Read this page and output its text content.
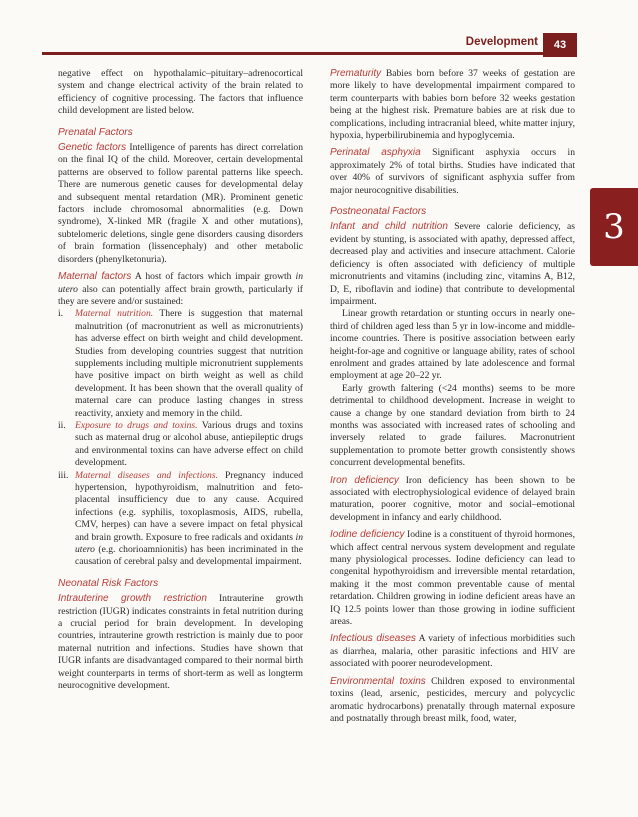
Development	43
3

negative effect on hypothalamic–pituitary–adrenocortical system and change electrical activity of the brain related to efficiency of cognitive processing. The factors that influence child development are listed below.

Prenatal Factors

Genetic factors Intelligence of parents has direct correlation on the final IQ of the child. Moreover, certain developmental patterns are observed to follow parental patterns like speech. There are numerous genetic causes for developmental delay and subsequent mental retardation (MR). Prominent genetic factors include chromosomal abnormalities (e.g. Down syndrome), X-linked MR (fragile X and other mutations), subtelomeric deletions, single gene disorders causing disorders of brain formation (lissencephaly) and other metabolic disorders (phenylketonuria).

Maternal factors A host of factors which impair growth in utero also can potentially affect brain growth, particularly if they are severe and/or sustained:

i.	Maternal nutrition. There is suggestion that maternal malnutrition (of macronutrient as well as micronutrients) has adverse effect on birth weight and child development. Studies from developing countries suggest that nutrition supplements including multiple micronutrient supplements have positive impact on birth weight as well as child development. It has been shown that the overall quality of maternal care can produce lasting changes in stress reactivity, anxiety and memory in the child.
ii. Exposure to drugs and toxins. Various drugs and toxins such as maternal drug or alcohol abuse, antiepileptic drugs and environmental toxins can have adverse effect on child development.
iii. Maternal diseases and infections. Pregnancy induced hypertension, hypothyroidism, malnutrition and feto-placental insufficiency due to any cause. Acquired infections (e.g. syphilis, toxoplasmosis, AIDS, rubella, CMV, herpes) can have a severe impact on fetal physical and brain growth. Exposure to free radicals and oxidants in utero (e.g. chorioamnionitis) has been incriminated in the causation of cerebral palsy and developmental impairment.
Neonatal Risk Factors

Intrauterine growth restriction Intrauterine growth restriction (IUGR) indicates constraints in fetal nutrition during a crucial period for brain development. In developing countries, intrauterine growth restriction is mainly due to poor maternal nutrition and infections. Studies have shown that IUGR infants are disadvantaged compared to their normal birth weight counterparts in terms of short-term as well as longterm neurocognitive development.

Prematurity Babies born before 37 weeks of gestation are more likely to have developmental impairment compared to term counterparts with babies born before 32 weeks gestation being at the highest risk. Premature babies are at risk due to complications, including intracranial bleed, white matter injury, hypoxia, hyperbilirubinemia and hypoglycemia.

Perinatal asphyxia Significant asphyxia occurs in approximately 2% of total births. Studies have indicated that over 40% of survivors of significant asphyxia suffer from major neurocognitive disabilities.

Postneonatal Factors

Infant and child nutrition Severe calorie deficiency, as evident by stunting, is associated with apathy, depressed affect, decreased play and activities and insecure attachment. Calorie deficiency is often associated with deficiency of multiple micronutrients and vitamins (including zinc, vitamins A, B12, D, E, riboflavin and iodine) that contribute to developmental impairment.

Linear growth retardation or stunting occurs in nearly one-third of children aged less than 5 yr in low-income and middle-income countries. There is positive association between early height-for-age and cognitive or language ability, rates of school enrolment and grades attained by late adolescence and formal employment at age 20–22 yr.

Early growth faltering (<24 months) seems to be more detrimental to childhood development. Increase in weight to cause a change by one standard deviation from birth to 24 months was associated with increased rates of schooling and inversely related to grade failures. Macronutrient supplementation to promote better growth consistently shows concurrent developmental benefits.

Iron deficiency Iron deficiency has been shown to be associated with electrophysiological evidence of delayed brain maturation, poorer cognitive, motor and social–emotional development in infancy and early childhood.

Iodine deficiency Iodine is a constituent of thyroid hormones, which affect central nervous system development and regulate many physiological processes. Iodine deficiency can lead to congenital hypothyroidism and irreversible mental retardation, making it the most common preventable cause of mental retardation. Children growing in iodine deficient areas have an IQ 12.5 points lower than those growing in iodine sufficient areas.

Infectious diseases A variety of infectious morbidities such as diarrhea, malaria, other parasitic infections and HIV are associated with poorer neurodevelopment.

Environmental toxins Children exposed to environmental toxins (lead, arsenic, pesticides, mercury and polycyclic aromatic hydrocarbons) prenatally through maternal exposure and postnatally through breast milk, food, water,
